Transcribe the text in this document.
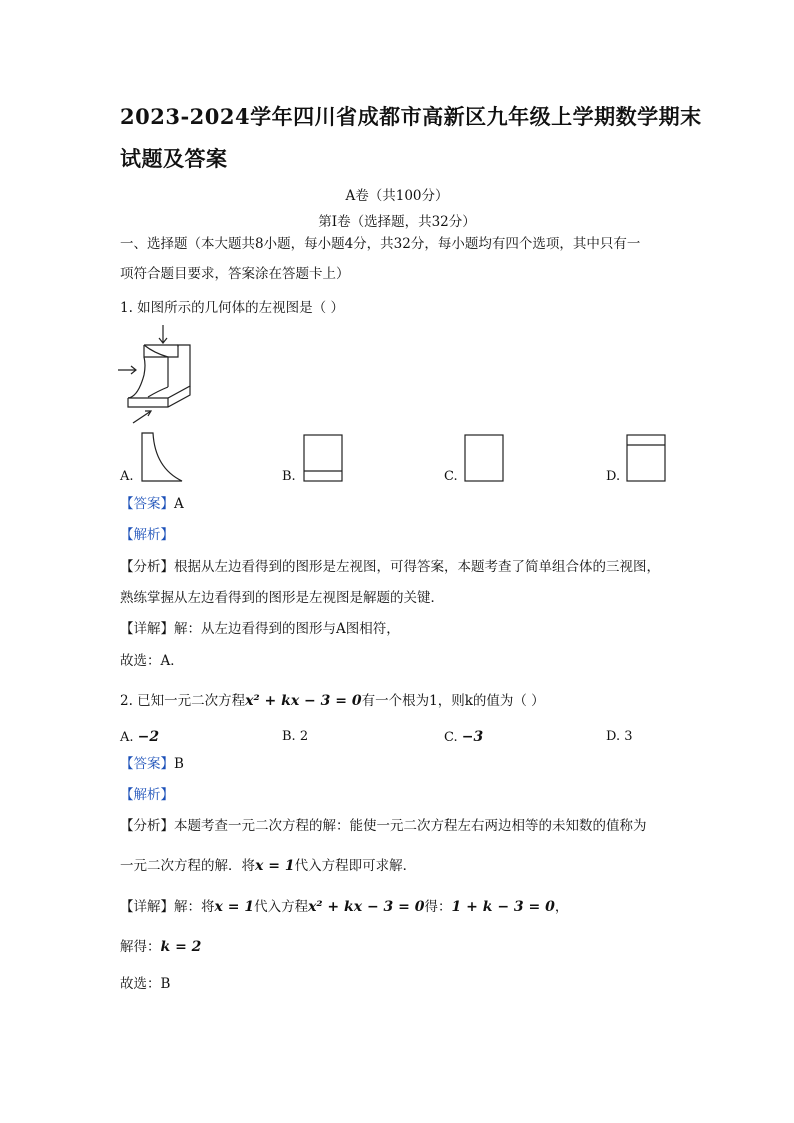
2023-2024学年四川省成都市高新区九年级上学期数学期末
试题及答案
A卷（共100分）
第Ⅰ卷（选择题，共32分）
一、选择题（本大题共8小题，每小题4分，共32分，每小题均有四个选项，其中只有一
项符合题目要求，答案涂在答题卡上）
1. 如图所示的几何体的左视图是（ ）
A.	B.	C.	D.
【答案】A
【解析】
【分析】根据从左边看得到的图形是左视图，可得答案，本题考查了简单组合体的三视图，
熟练掌握从左边看得到的图形是左视图是解题的关键．
【详解】解：从左边看得到的图形与A图相符，
故选：A．
2. 已知一元二次方程x² + kx − 3 = 0有一个根为1，则k的值为（ ）
A. −2	B. 2	C. −3	D. 3
【答案】B
【解析】
【分析】本题考查一元二次方程的解：能使一元二次方程左右两边相等的未知数的值称为
一元二次方程的解．将x = 1代入方程即可求解．
【详解】解：将x = 1代入方程x² + kx − 3 = 0得：1 + k − 3 = 0，
解得：k = 2
故选：B
